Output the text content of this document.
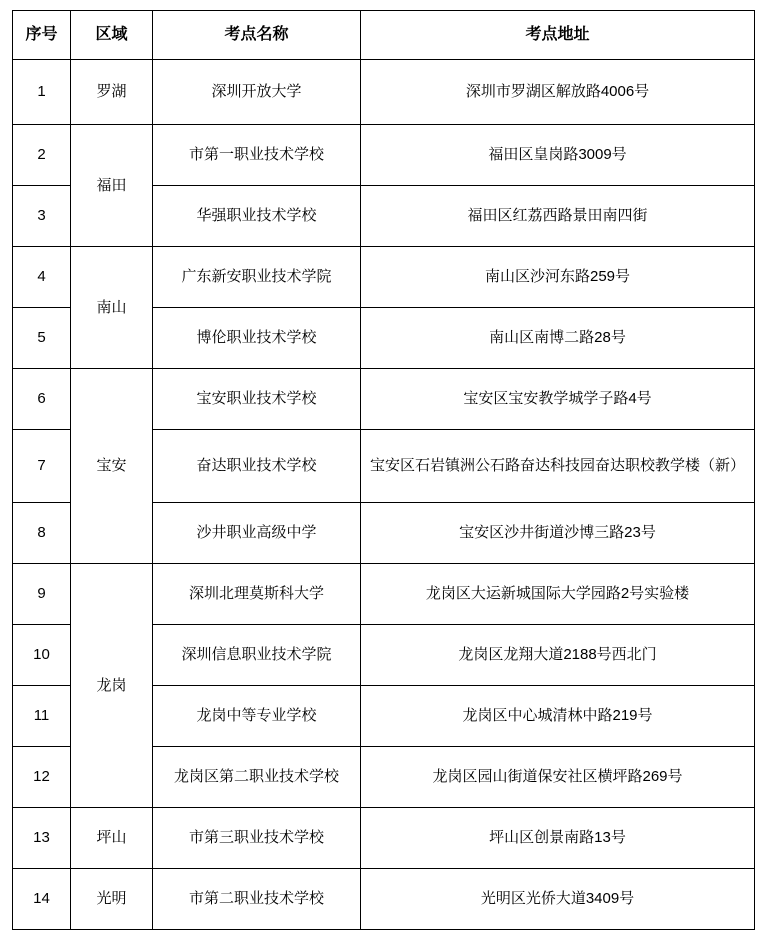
序号	区域	考点名称	考点地址
1	罗湖	深圳开放大学	深圳市罗湖区解放路4006号
2	福田	市第一职业技术学校	福田区皇岗路3009号
3		华强职业技术学校	福田区红荔西路景田南四街
4	南山	广东新安职业技术学院	南山区沙河东路259号
5		博伦职业技术学校	南山区南博二路28号
6	宝安	宝安职业技术学校	宝安区宝安教学城学子路4号
7		奋达职业技术学校	宝安区石岩镇洲公石路奋达科技园奋达职校教学楼（新）
8		沙井职业高级中学	宝安区沙井街道沙博三路23号
9	龙岗	深圳北理莫斯科大学	龙岗区大运新城国际大学园路2号实验楼
10		深圳信息职业技术学院	龙岗区龙翔大道2188号西北门
11		龙岗中等专业学校	龙岗区中心城清林中路219号
12		龙岗区第二职业技术学校	龙岗区园山街道保安社区横坪路269号
13	坪山	市第三职业技术学校	坪山区创景南路13号
14	光明	市第二职业技术学校	光明区光侨大道3409号
